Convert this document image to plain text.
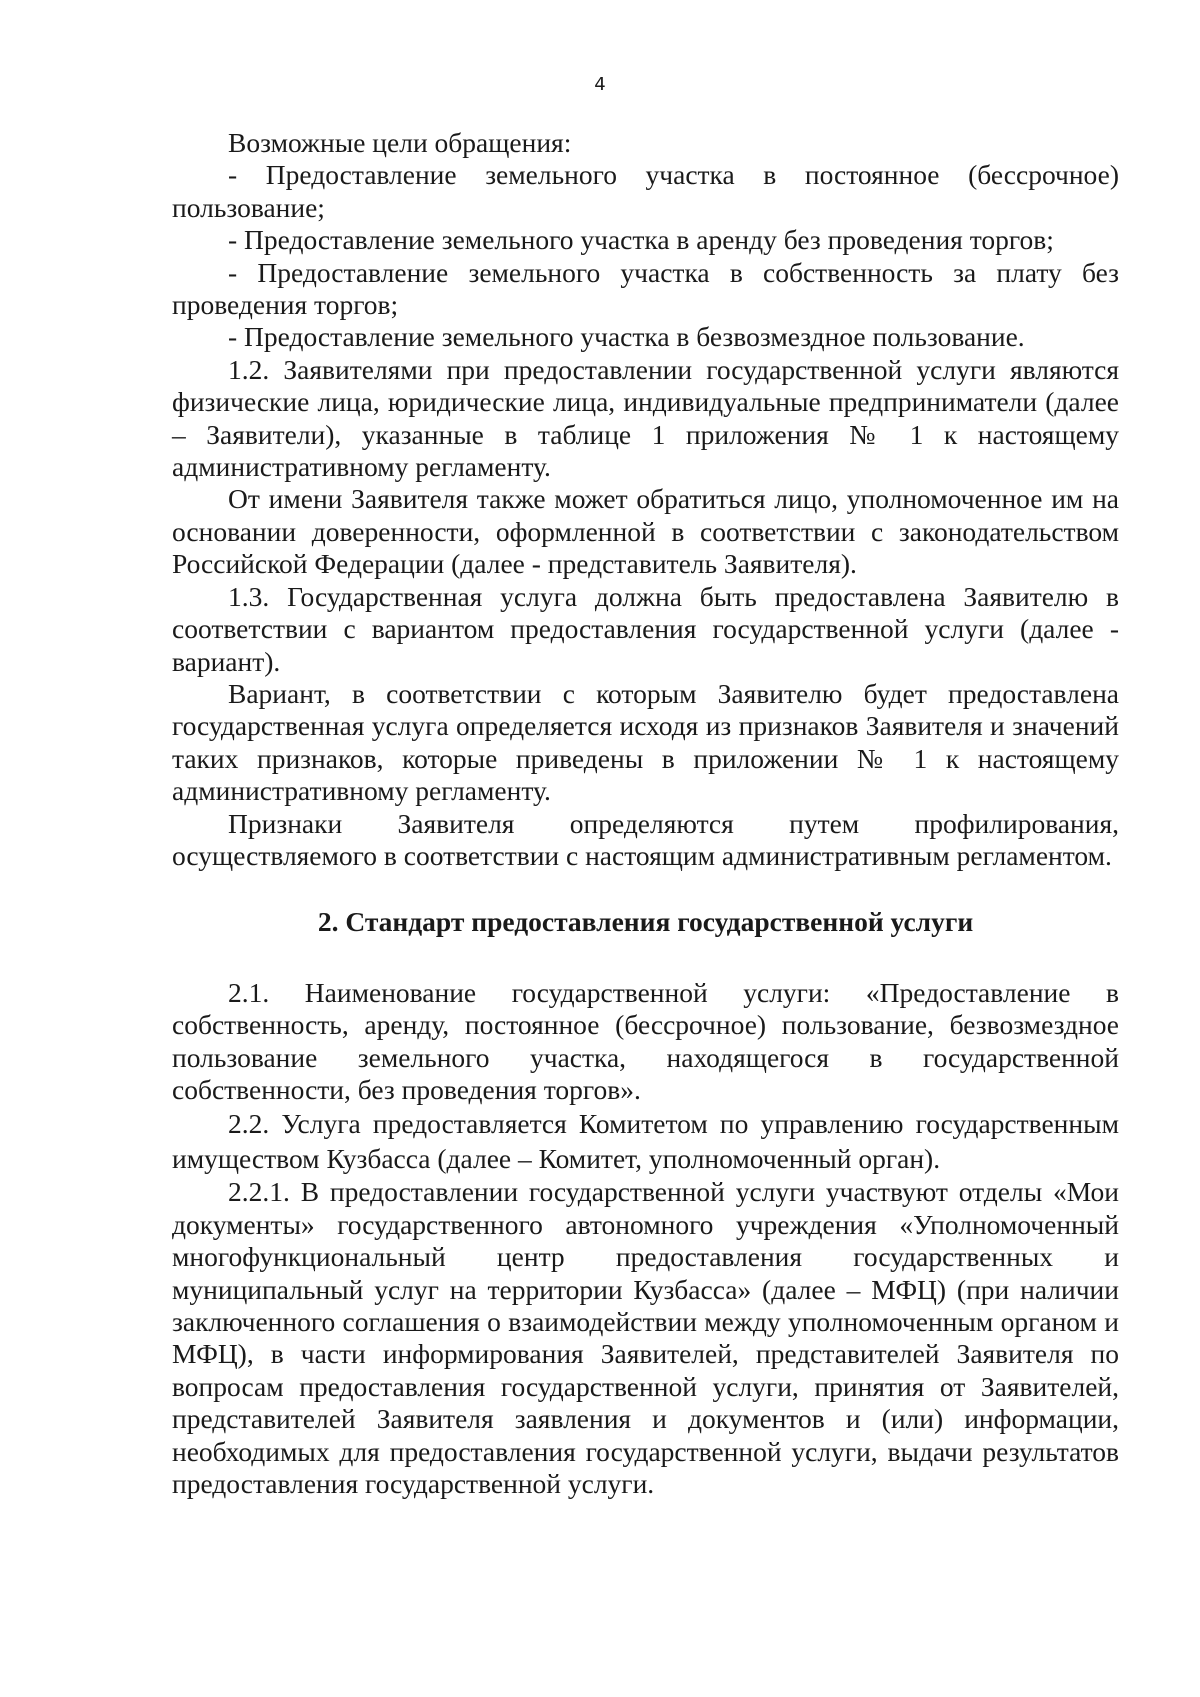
4

Возможные цели обращения:

- Предоставление земельного участка в постоянное (бессрочное) пользование;

- Предоставление земельного участка в аренду без проведения торгов;

- Предоставление земельного участка в собственность за плату без проведения торгов;

- Предоставление земельного участка в безвозмездное пользование.

1.2. Заявителями при предоставлении государственной услуги являются физические лица, юридические лица, индивидуальные предприниматели (далее – Заявители), указанные в таблице 1 приложения № 1 к настоящему административному регламенту.

От имени Заявителя также может обратиться лицо, уполномоченное им на основании доверенности, оформленной в соответствии с законодательством Российской Федерации (далее - представитель Заявителя).

1.3. Государственная услуга должна быть предоставлена Заявителю в соответствии с вариантом предоставления государственной услуги (далее - вариант).

Вариант, в соответствии с которым Заявителю будет предоставлена государственная услуга определяется исходя из признаков Заявителя и значений таких признаков, которые приведены в приложении № 1 к настоящему административному регламенту.

Признаки Заявителя определяются путем профилирования, осуществляемого в соответствии с настоящим административным регламентом.

2. Стандарт предоставления государственной услуги

2.1. Наименование государственной услуги: «Предоставление в собственность, аренду, постоянное (бессрочное) пользование, безвозмездное пользование земельного участка, находящегося в государственной собственности, без проведения торгов».

2.2. Услуга предоставляется Комитетом по управлению государственным имуществом Кузбасса (далее – Комитет, уполномоченный орган).

2.2.1. В предоставлении государственной услуги участвуют отделы «Мои документы» государственного автономного учреждения «Уполномоченный многофункциональный центр предоставления государственных и муниципальный услуг на территории Кузбасса» (далее – МФЦ) (при наличии заключенного соглашения о взаимодействии между уполномоченным органом и МФЦ), в части информирования Заявителей, представителей Заявителя по вопросам предоставления государственной услуги, принятия от Заявителей, представителей Заявителя заявления и документов и (или) информации, необходимых для предоставления государственной услуги, выдачи результатов предоставления государственной услуги.
